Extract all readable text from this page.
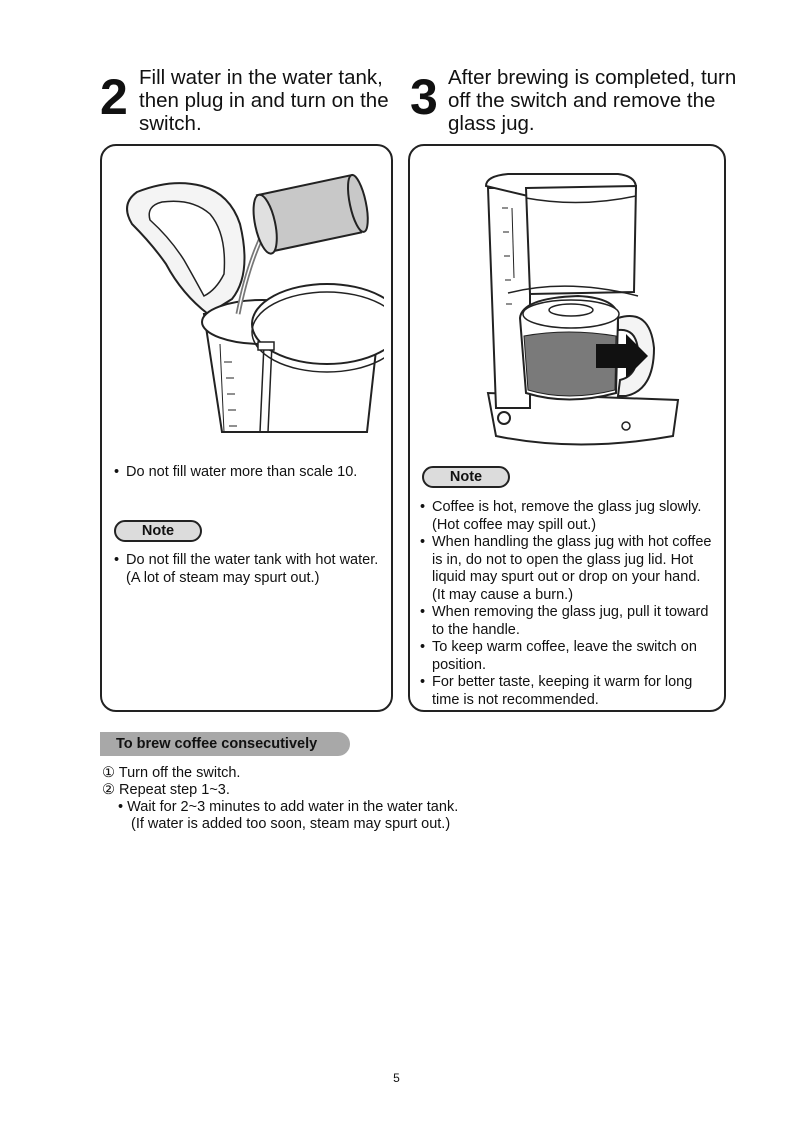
2 Fill water in the water tank, then plug in and turn on the switch.	3 After brewing is completed, turn off the switch and remove the glass jug.
• Do not fill water more than scale 10.
Note
• Do not fill the water tank with hot water.
(A lot of steam may spurt out.)
Note
• Coffee is hot, remove the glass jug slowly. (Hot coffee may spill out.)
• When handling the glass jug with hot coffee is in, do not to open the glass jug lid. Hot liquid may spurt out or drop on your hand. (It may cause a burn.)
• When removing the glass jug, pull it toward to the handle.
• To keep warm coffee, leave the switch on position.
• For better taste, keeping it warm for long time is not recommended.
To brew coffee consecutively
① Turn off the switch.
② Repeat step 1~3.
• Wait for 2~3 minutes to add water in the water tank.
(If water is added too soon, steam may spurt out.)
5
